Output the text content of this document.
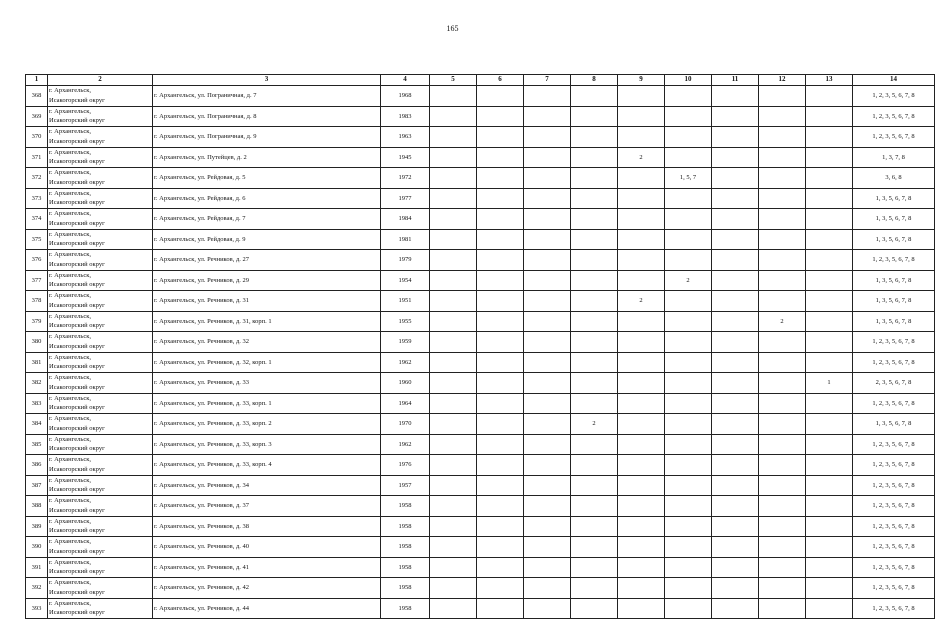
165
1	2	3	4	5	6	7	8	9	10	11	12	13	14
368	г. Архангельск,
Исакогорский округ	г. Архангельск, ул. Пограничная, д. 7	1968										1, 2, 3, 5, 6, 7, 8
369	г. Архангельск,
Исакогорский округ	г. Архангельск, ул. Пограничная, д. 8	1983										1, 2, 3, 5, 6, 7, 8
370	г. Архангельск,
Исакогорский округ	г. Архангельск, ул. Пограничная, д. 9	1963										1, 2, 3, 5, 6, 7, 8
371	г. Архангельск,
Исакогорский округ	г. Архангельск, ул. Путейцев, д. 2	1945					2					1, 3, 7, 8
372	г. Архангельск,
Исакогорский округ	г. Архангельск, ул. Рейдовая, д. 5	1972						1, 5, 7				3, 6, 8
373	г. Архангельск,
Исакогорский округ	г. Архангельск, ул. Рейдовая, д. 6	1977										1, 3, 5, 6, 7, 8
374	г. Архангельск,
Исакогорский округ	г. Архангельск, ул. Рейдовая, д. 7	1984										1, 3, 5, 6, 7, 8
375	г. Архангельск,
Исакогорский округ	г. Архангельск, ул. Рейдовая, д. 9	1981										1, 3, 5, 6, 7, 8
376	г. Архангельск,
Исакогорский округ	г. Архангельск, ул. Речников, д. 27	1979										1, 2, 3, 5, 6, 7, 8
377	г. Архангельск,
Исакогорский округ	г. Архангельск, ул. Речников, д. 29	1954						2				1, 3, 5, 6, 7, 8
378	г. Архангельск,
Исакогорский округ	г. Архангельск, ул. Речников, д. 31	1951					2					1, 3, 5, 6, 7, 8
379	г. Архангельск,
Исакогорский округ	г. Архангельск, ул. Речников, д. 31, корп. 1	1955								2		1, 3, 5, 6, 7, 8
380	г. Архангельск,
Исакогорский округ	г. Архангельск, ул. Речников, д. 32	1959										1, 2, 3, 5, 6, 7, 8
381	г. Архангельск,
Исакогорский округ	г. Архангельск, ул. Речников, д. 32, корп. 1	1962										1, 2, 3, 5, 6, 7, 8
382	г. Архангельск,
Исакогорский округ	г. Архангельск, ул. Речников, д. 33	1960									1	2, 3, 5, 6, 7, 8
383	г. Архангельск,
Исакогорский округ	г. Архангельск, ул. Речников, д. 33, корп. 1	1964										1, 2, 3, 5, 6, 7, 8
384	г. Архангельск,
Исакогорский округ	г. Архангельск, ул. Речников, д. 33, корп. 2	1970				2						1, 3, 5, 6, 7, 8
385	г. Архангельск,
Исакогорский округ	г. Архангельск, ул. Речников, д. 33, корп. 3	1962										1, 2, 3, 5, 6, 7, 8
386	г. Архангельск,
Исакогорский округ	г. Архангельск, ул. Речников, д. 33, корп. 4	1976										1, 2, 3, 5, 6, 7, 8
387	г. Архангельск,
Исакогорский округ	г. Архангельск, ул. Речников, д. 34	1957										1, 2, 3, 5, 6, 7, 8
388	г. Архангельск,
Исакогорский округ	г. Архангельск, ул. Речников, д. 37	1958										1, 2, 3, 5, 6, 7, 8
389	г. Архангельск,
Исакогорский округ	г. Архангельск, ул. Речников, д. 38	1958										1, 2, 3, 5, 6, 7, 8
390	г. Архангельск,
Исакогорский округ	г. Архангельск, ул. Речников, д. 40	1958										1, 2, 3, 5, 6, 7, 8
391	г. Архангельск,
Исакогорский округ	г. Архангельск, ул. Речников, д. 41	1958										1, 2, 3, 5, 6, 7, 8
392	г. Архангельск,
Исакогорский округ	г. Архангельск, ул. Речников, д. 42	1958										1, 2, 3, 5, 6, 7, 8
393	г. Архангельск,
Исакогорский округ	г. Архангельск, ул. Речников, д. 44	1958										1, 2, 3, 5, 6, 7, 8
